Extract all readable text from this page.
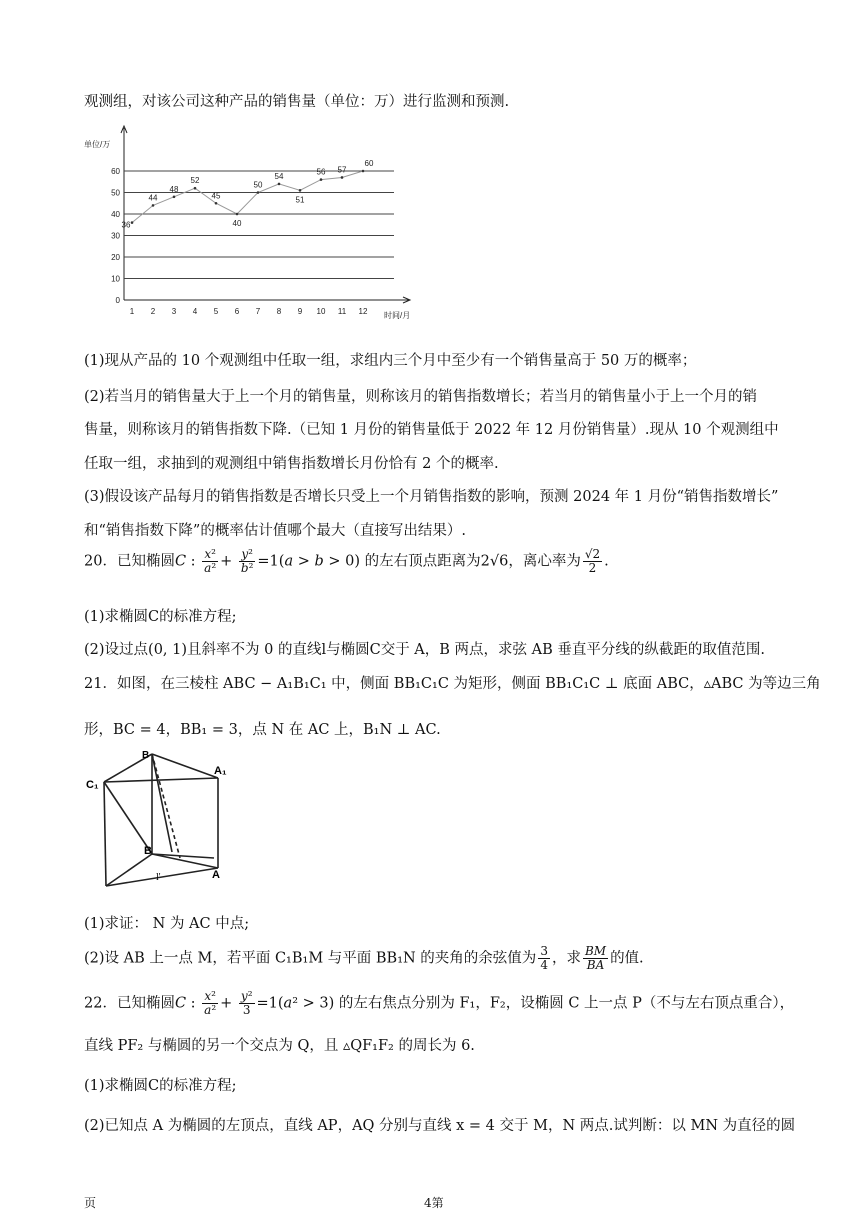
观测组，对该公司这种产品的销售量（单位：万）进行监测和预测.
单位/万
时间/月
0
10
20
30
40
50
60
1 2 3 4 5 6 7 8 9 10 11 12
36
44
48
52
45
40
50
54
51
56 57
60
(1)现从产品的 10 个观测组中任取一组，求组内三个月中至少有一个销售量高于 50 万的概率；
(2)若当月的销售量大于上一个月的销售量，则称该月的销售指数增长；若当月的销售量小于上一个月的销
售量，则称该月的销售指数下降.（已知 1 月份的销售量低于 2022 年 12 月份销售量）.现从 10 个观测组中
任取一组，求抽到的观测组中销售指数增长月份恰有 2 个的概率.
(3)假设该产品每月的销售指数是否增长只受上一个月销售指数的影响，预测 2024 年 1 月份“销售指数增长”
和“销售指数下降”的概率估计值哪个最大（直接写出结果）.
20．已知椭圆C : $\frac{\text{x²}}{\text{a²}} + \frac{\text{y²}}{\text{b²}} =1(a > b > 0)$ 的左右顶点距离为2√6，离心率为 $\frac{√2}{2}$ .
(1)求椭圆C的标准方程;
(2)设过点(0, 1)且斜率不为 0 的直线l与椭圆C交于 A，B 两点，求弦 AB 垂直平分线的纵截距的取值范围.
21．如图，在三棱柱 ABC − A₁B₁C₁ 中，侧面 BB₁C₁C 为矩形，侧面 BB₁C₁C ⊥ 底面 ABC，▵ABC 为等边三角
形，BC = 4，BB₁ = 3，点 N 在 AC 上，B₁N ⊥ AC.
C₁
B
A₁
B
A
l'
(1)求证： N 为 AC 中点;
(2)设 AB 上一点 M，若平面 C₁B₁M 与平面 BB₁N 的夹角的余弦值为 $\frac{3}{4}$ ，求 $\frac{BM}{BA}$ 的值.
22．已知椭圆C : $\frac{\text{x²}}{\text{a²}} + \frac{\text{y²}}{3} =1(a^2 > 3)$ 的左右焦点分别为 F₁，F₂，设椭圆 C 上一点 P（不与左右顶点重合），
直线 PF₂ 与椭圆的另一个交点为 Q，且 ▵QF₁F₂ 的周长为 6.
(1)求椭圆C的标准方程;
(2)已知点 A 为椭圆的左顶点，直线 AP，AQ 分别与直线 x = 4 交于 M，N 两点.试判断：以 MN 为直径的圆
页	4第
